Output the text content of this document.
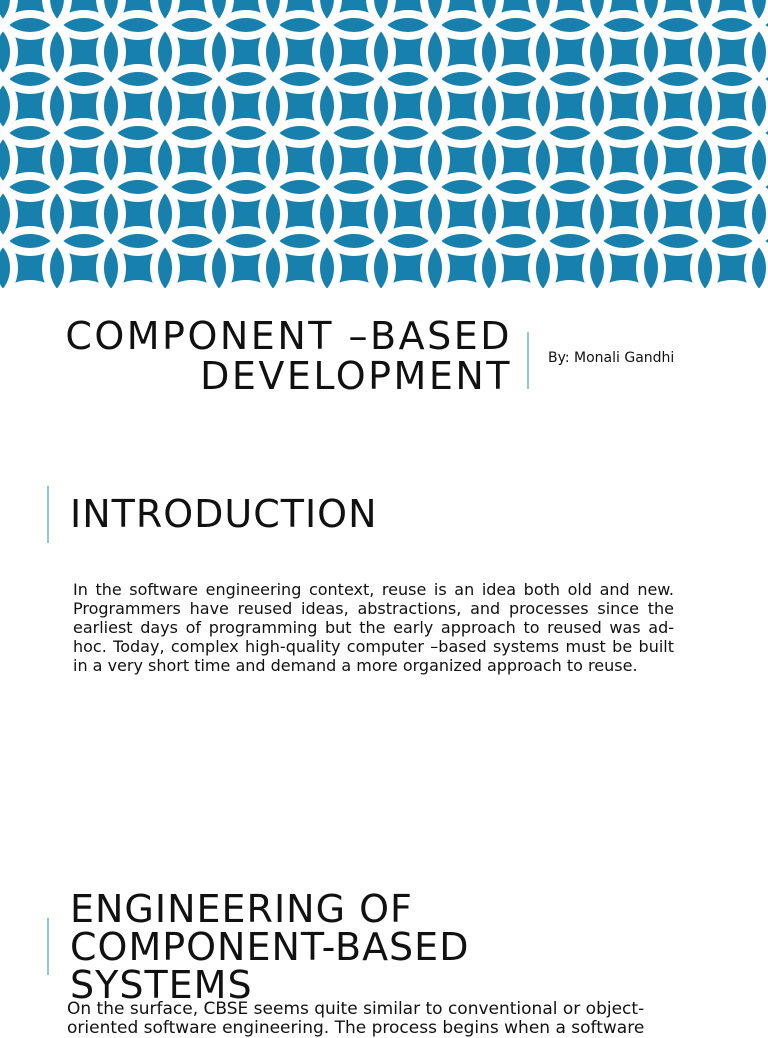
COMPONENT –BASED
DEVELOPMENT	By: Monali Gandhi
INTRODUCTION

In the software engineering context, reuse is an idea both old and new. Programmers have reused ideas, abstractions, and processes since the earliest days of programming but the early approach to reused was ad-hoc. Today, complex high-quality computer –based systems must be built in a very short time and demand a more organized approach to reuse.

ENGINEERING OF
COMPONENT-BASED
SYSTEMS

On the surface, CBSE seems quite similar to conventional or object-
oriented software engineering. The process begins when a software
